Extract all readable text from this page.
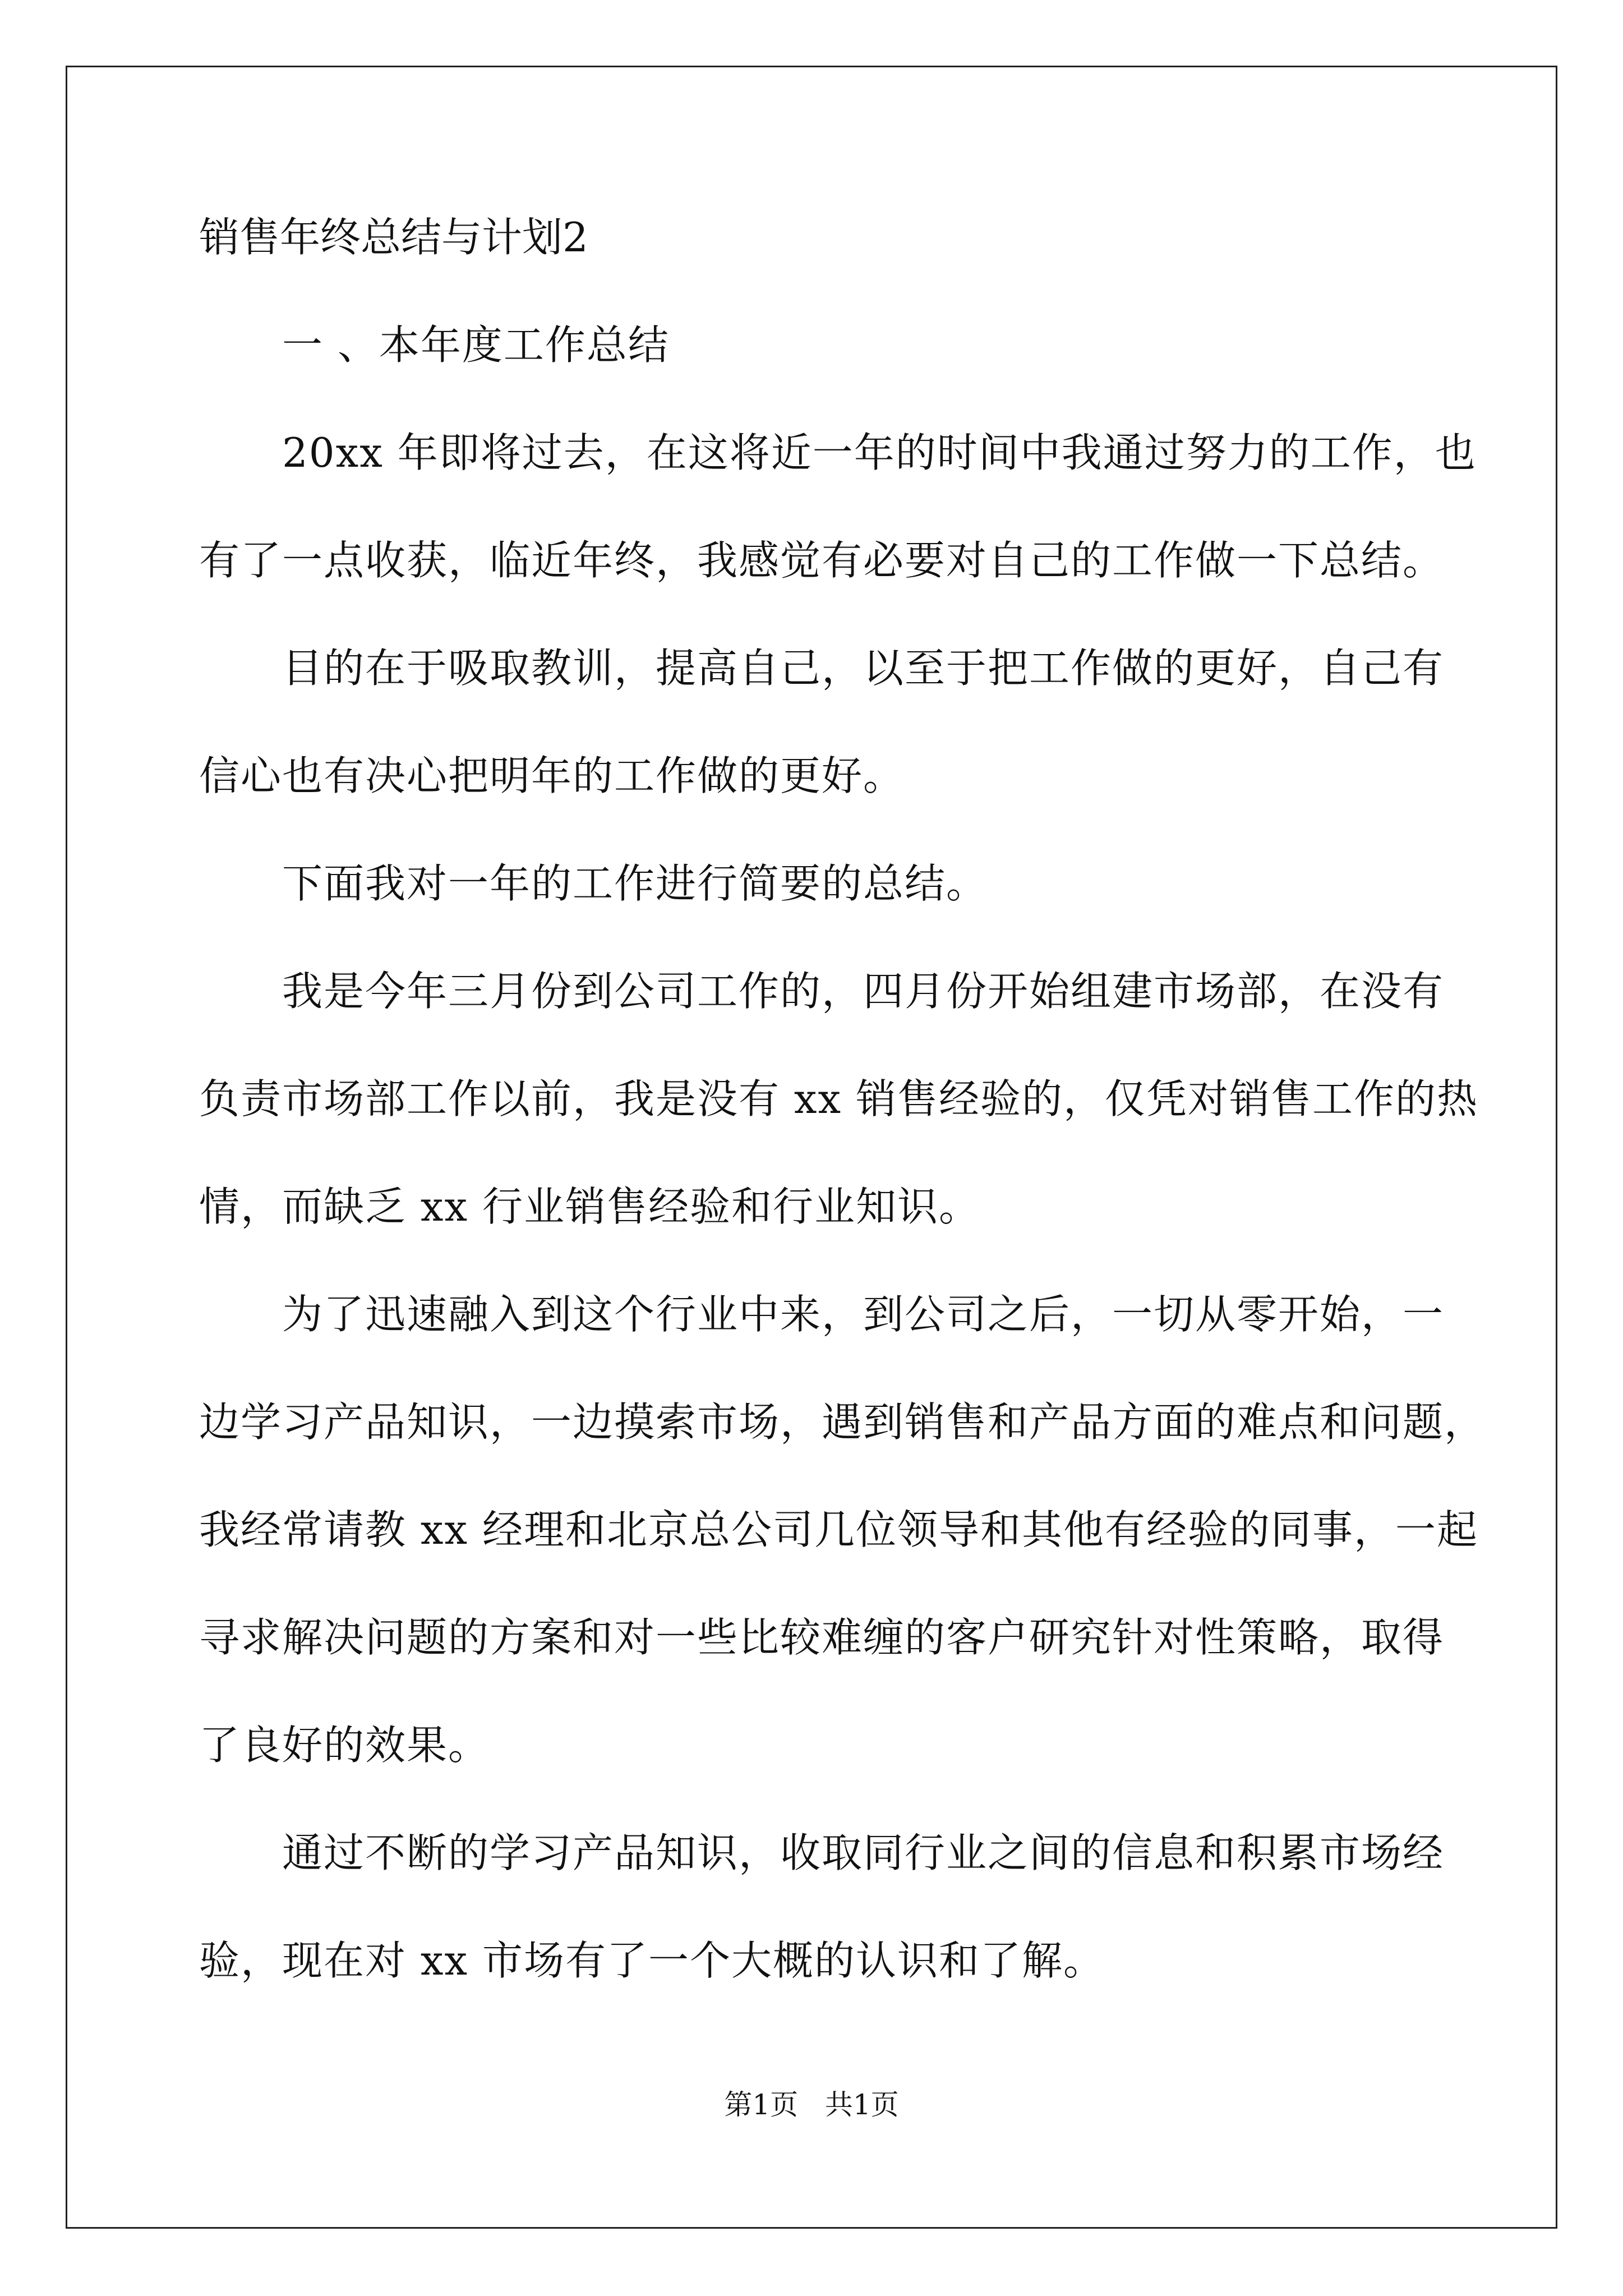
销售年终总结与计划2
一 、本年度工作总结
20xx 年即将过去，在这将近一年的时间中我通过努力的工作，也
有了一点收获，临近年终，我感觉有必要对自己的工作做一下总结。
目的在于吸取教训，提高自己，以至于把工作做的更好，自己有
信心也有决心把明年的工作做的更好。
下面我对一年的工作进行简要的总结。
我是今年三月份到公司工作的，四月份开始组建市场部，在没有
负责市场部工作以前，我是没有 xx 销售经验的，仅凭对销售工作的热
情，而缺乏 xx 行业销售经验和行业知识。
为了迅速融入到这个行业中来，到公司之后，一切从零开始，一
边学习产品知识，一边摸索市场，遇到销售和产品方面的难点和问题，
我经常请教 xx 经理和北京总公司几位领导和其他有经验的同事，一起
寻求解决问题的方案和对一些比较难缠的客户研究针对性策略，取得
了良好的效果。
通过不断的学习产品知识，收取同行业之间的信息和积累市场经
验，现在对 xx 市场有了一个大概的认识和了解。
第1页   共1页
